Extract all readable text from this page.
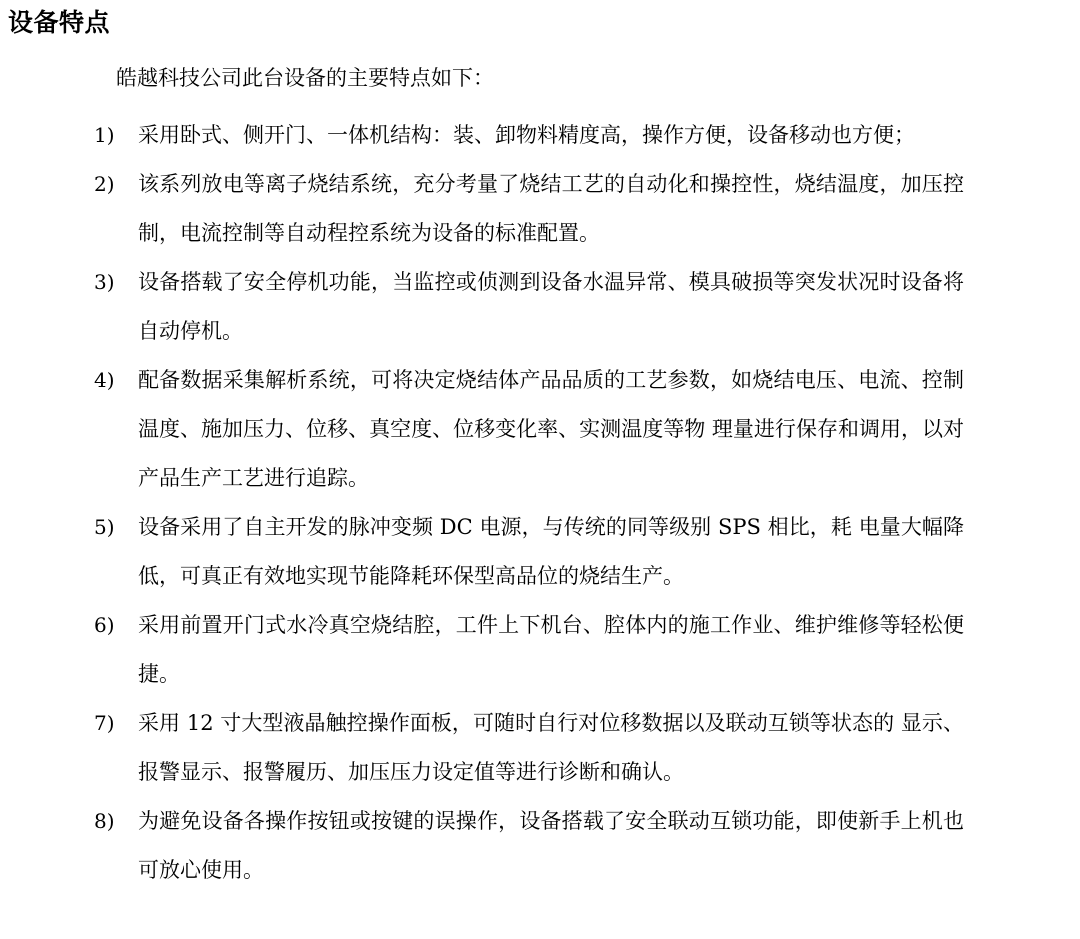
设备特点
皓越科技公司此台设备的主要特点如下：
1)	采用卧式、侧开门、一体机结构：装、卸物料精度高，操作方便，设备移动也方便；
2)	该系列放电等离子烧结系统，充分考量了烧结工艺的自动化和操控性，烧结温度，加压控制，电流控制等自动程控系统为设备的标准配置。
3)	设备搭载了安全停机功能，当监控或侦测到设备水温异常、模具破损等突发状况时设备将自动停机。
4)	配备数据采集解析系统，可将决定烧结体产品品质的工艺参数，如烧结电压、电流、控制温度、施加压力、位移、真空度、位移变化率、实测温度等物 理量进行保存和调用，以对产品生产工艺进行追踪。
5)	设备采用了自主开发的脉冲变频 DC 电源，与传统的同等级别 SPS 相比，耗 电量大幅降低，可真正有效地实现节能降耗环保型高品位的烧结生产。
6)	采用前置开门式水冷真空烧结腔，工件上下机台、腔体内的施工作业、维护维修等轻松便捷。
7)	采用 12 寸大型液晶触控操作面板，可随时自行对位移数据以及联动互锁等状态的 显示、报警显示、报警履历、加压压力设定值等进行诊断和确认。
8)	为避免设备各操作按钮或按键的误操作，设备搭载了安全联动互锁功能，即使新手上机也可放心使用。
